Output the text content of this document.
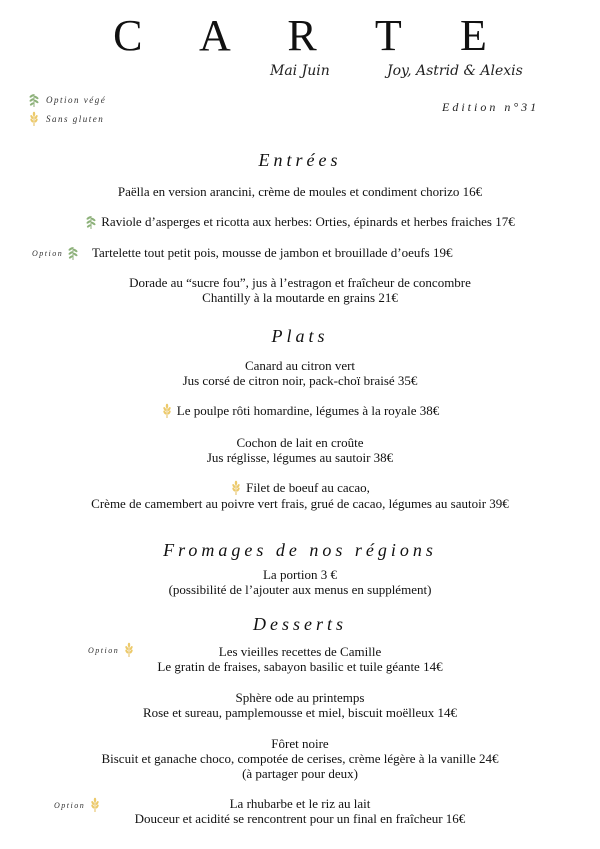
C A R T E
Mai Juin	Joy, Astrid & Alexis
Edition n°31
Option végé
Sans gluten
Entrées
Paëlla en version arancini, crème de moules et condiment chorizo 16€
Raviole d’asperges et ricotta aux herbes: Orties, épinards et herbes fraiches 17€
Option Tartelette tout petit pois, mousse de jambon et brouillade d’oeufs 19€
Dorade au “sucre fou”, jus à l’estragon et fraîcheur de concombre
Chantilly à la moutarde en grains 21€
Plats
Canard au citron vert
Jus corsé de citron noir, pack-choï braisé 35€
Le poulpe rôti homardine, légumes à la royale 38€
Cochon de lait en croûte
Jus réglisse, légumes au sautoir 38€
Filet de boeuf au cacao,
Crème de camembert au poivre vert frais, grué de cacao, légumes au sautoir 39€
Fromages de nos régions
La portion 3 €
(possibilité de l’ajouter aux menus en supplément)
Desserts
Option	Les vieilles recettes de Camille
Le gratin de fraises, sabayon basilic et tuile géante 14€
Sphère ode au printemps
Rose et sureau, pamplemousse et miel, biscuit moëlleux 14€
Fôret noire
Biscuit et ganache choco, compotée de cerises, crème légère à la vanille 24€
(à partager pour deux)
Option	La rhubarbe et le riz au lait
Douceur et acidité se rencontrent pour un final en fraîcheur 16€
